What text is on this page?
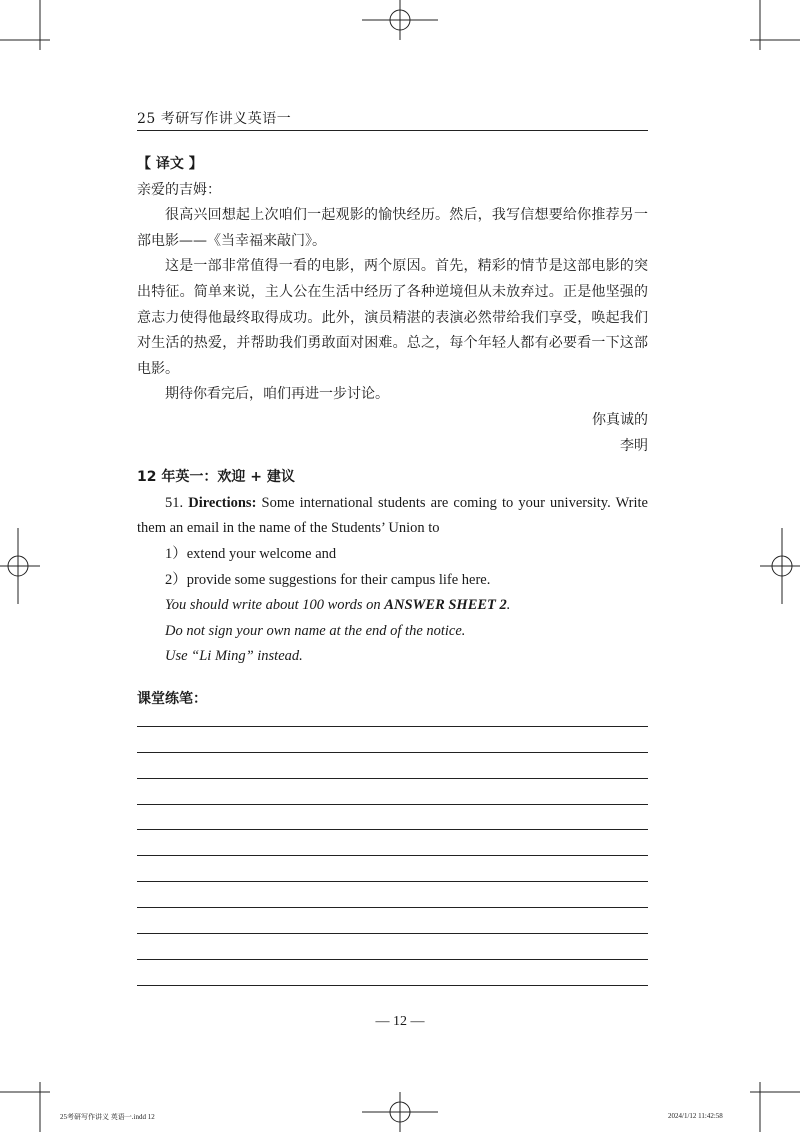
25 考研写作讲义英语一

【 译文 】

亲爱的吉姆：

很高兴回想起上次咱们一起观影的愉快经历。然后，我写信想要给你推荐另一部电影——《当幸福来敲门》。

这是一部非常值得一看的电影，两个原因。首先，精彩的情节是这部电影的突出特征。简单来说，主人公在生活中经历了各种逆境但从未放弃过。正是他坚强的意志力使得他最终取得成功。此外，演员精湛的表演必然带给我们享受，唤起我们对生活的热爱，并帮助我们勇敢面对困难。总之，每个年轻人都有必要看一下这部电影。

期待你看完后，咱们再进一步讨论。

你真诚的

李明

12 年英一：欢迎 + 建议

51. Directions: Some international students are coming to your university. Write them an email in the name of the Students’ Union to

1）extend your welcome and

2）provide some suggestions for their campus life here.

You should write about 100 words on ANSWER SHEET 2.

Do not sign your own name at the end of the notice.

Use “Li Ming” instead.

课堂练笔：
— 12 —
25考研写作讲义 英语一.indd 12	2024/1/12 11:42:58
